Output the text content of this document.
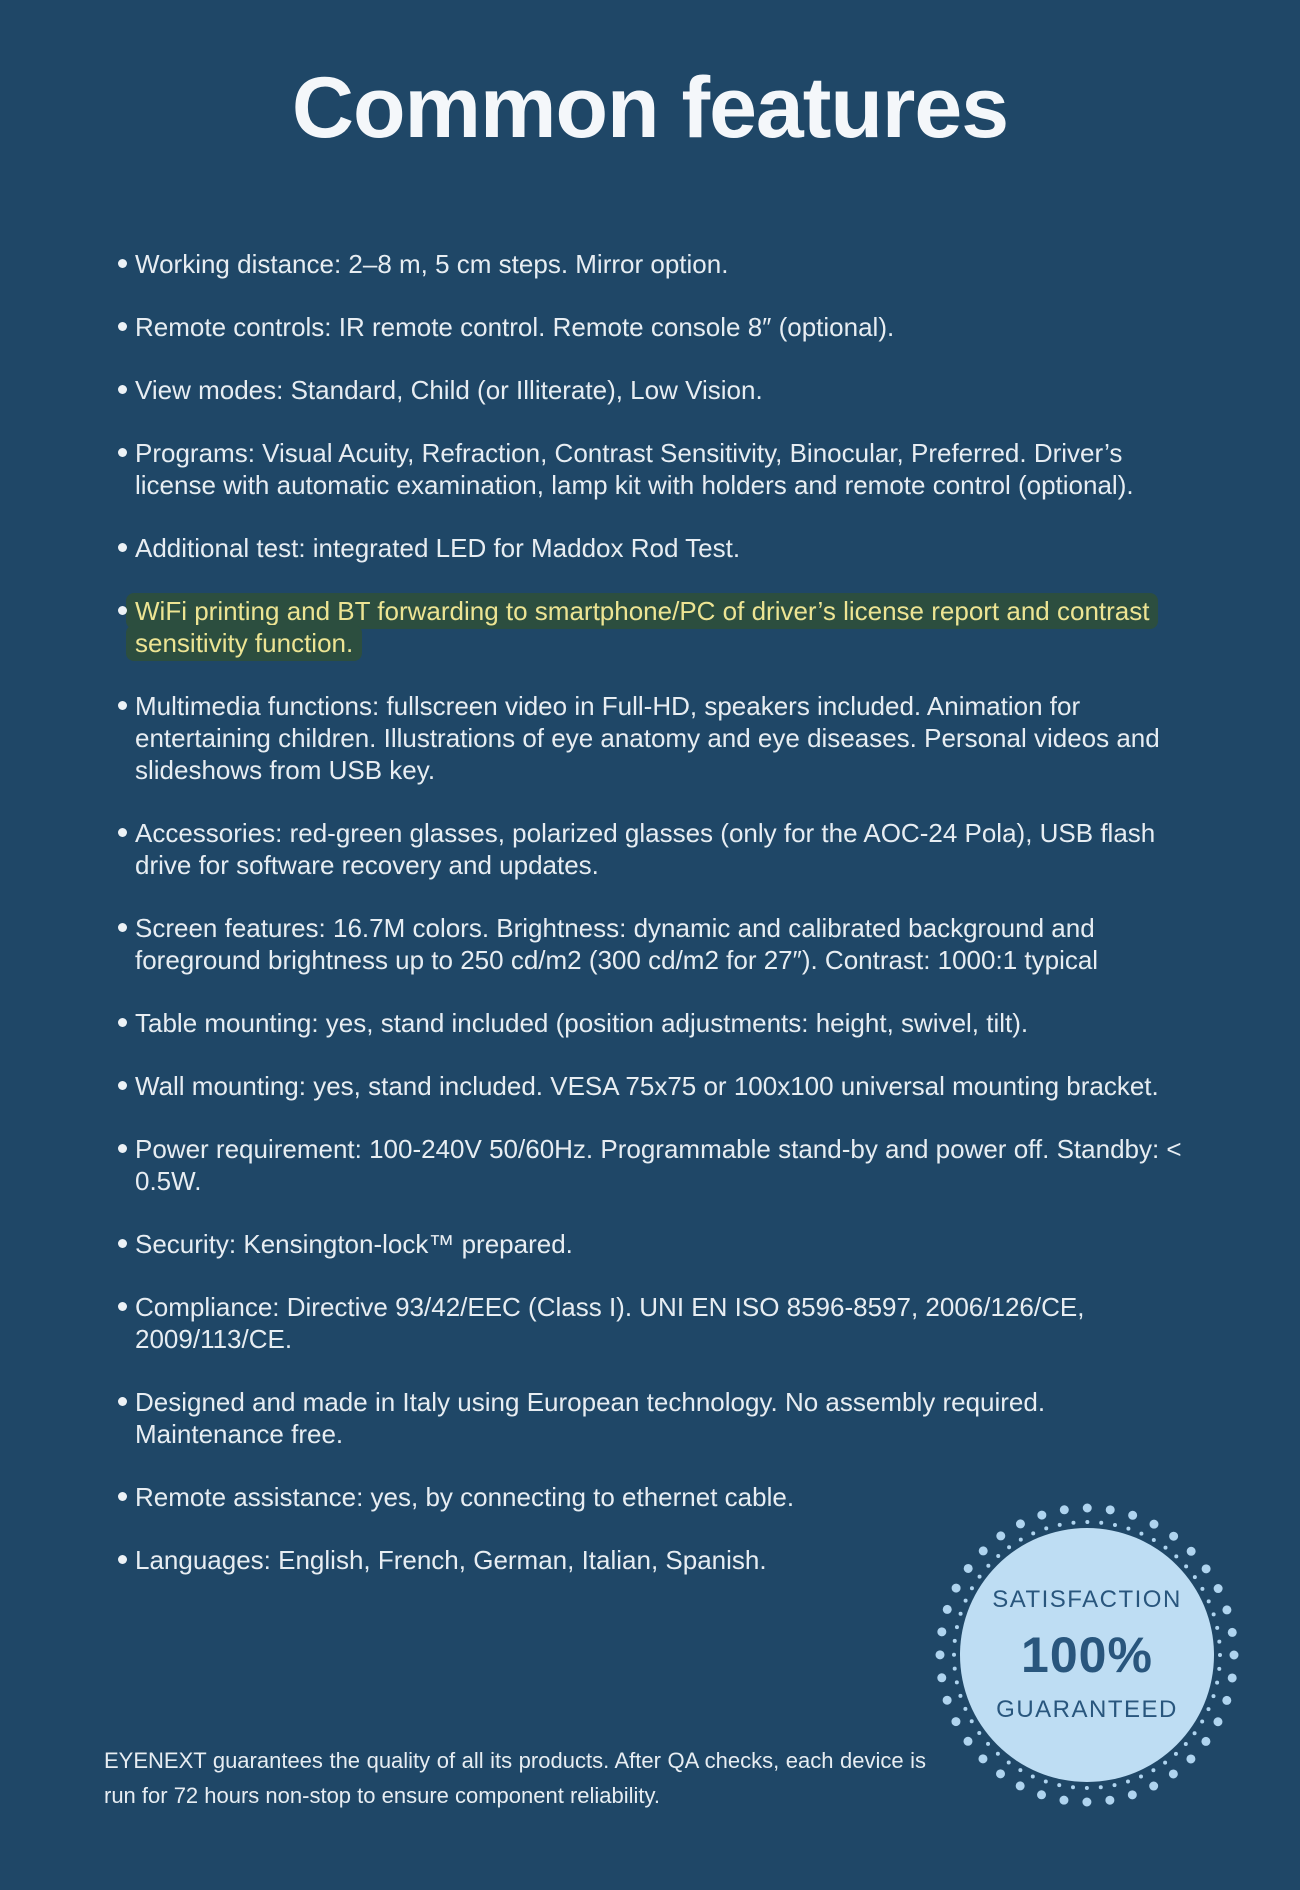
Common features
Working distance: 2–8 m, 5 cm steps. Mirror option.
Remote controls: IR remote control. Remote console 8″ (optional).
View modes: Standard, Child (or Illiterate), Low Vision.
Programs: Visual Acuity, Refraction, Contrast Sensitivity, Binocular, Preferred. Driver’s license with automatic examination, lamp kit with holders and remote control (optional).
Additional test: integrated LED for Maddox Rod Test.
WiFi printing and BT forwarding to smartphone/PC of driver’s license report and contrast sensitivity function.
Multimedia functions: fullscreen video in Full-HD, speakers included. Animation for entertaining children. Illustrations of eye anatomy and eye diseases. Personal videos and slideshows from USB key.
Accessories: red-green glasses, polarized glasses (only for the AOC-24 Pola), USB flash drive for software recovery and updates.
Screen features: 16.7M colors. Brightness: dynamic and calibrated background and foreground brightness up to 250 cd/m2 (300 cd/m2 for 27″). Contrast: 1000:1 typical
Table mounting: yes, stand included (position adjustments: height, swivel, tilt).
Wall mounting: yes, stand included. VESA 75x75 or 100x100 universal mounting bracket.
Power requirement: 100-240V 50/60Hz. Programmable stand-by and power off. Standby: < 0.5W.
Security: Kensington-lock™ prepared.
Compliance: Directive 93/42/EEC (Class I). UNI EN ISO 8596-8597, 2006/126/​CE, 2009/113/CE.
Designed and made in Italy using European technology. No assembly required. Maintenance free.
Remote assistance: yes, by connecting to ethernet cable.
Languages: English, French, German, Italian, Spanish.
SATISFACTION
100%
GUARANTEED

EYENEXT guarantees the quality of all its products. After QA checks, each device is run for 72 hours non-stop to ensure component reliability.
